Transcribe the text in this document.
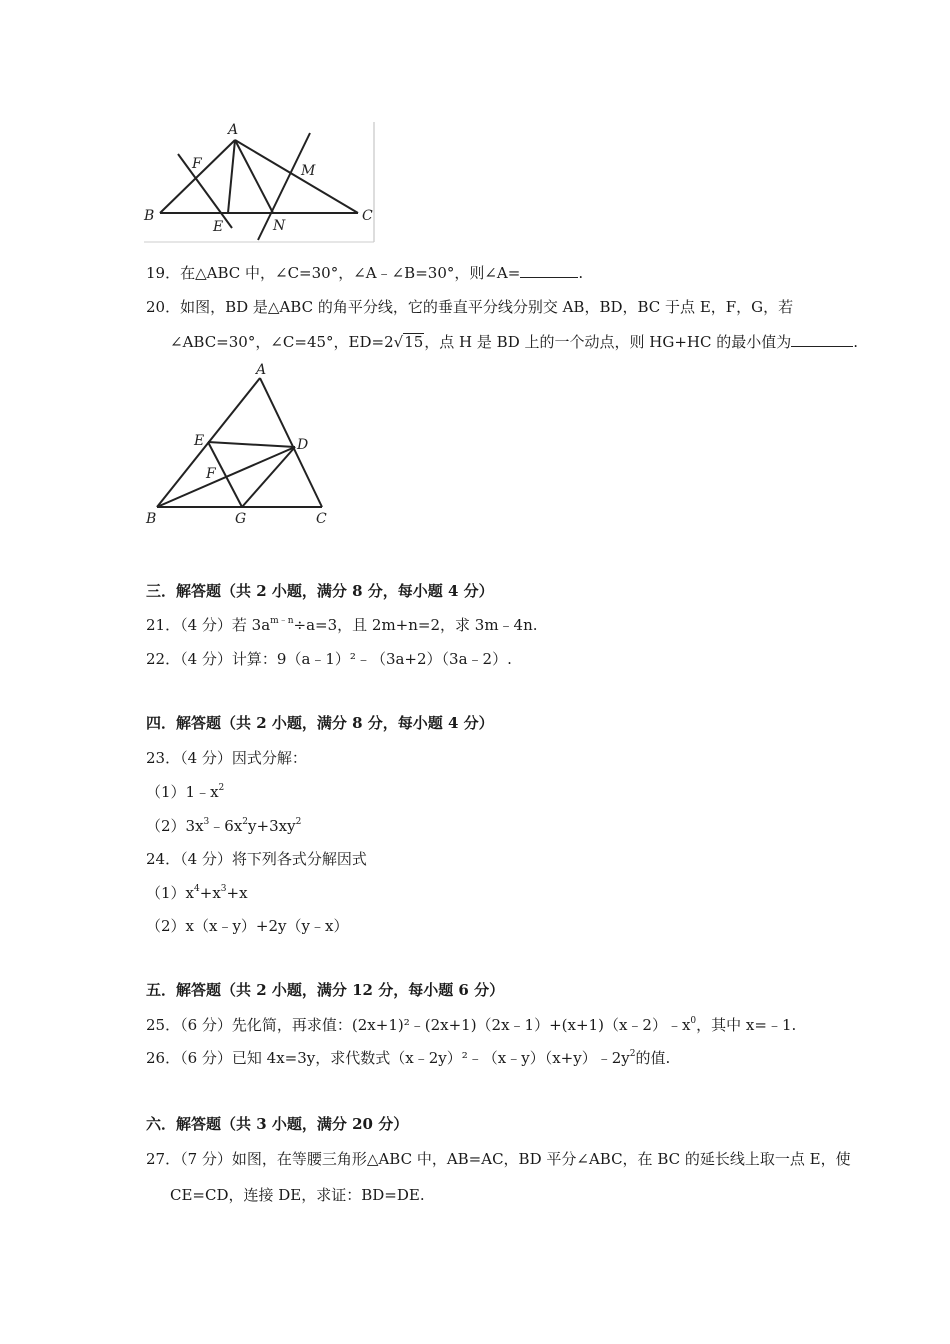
A
F	M
B
E	N
C
19．在△ABC 中，∠C=30°，∠A﹣∠B=30°，则∠A=	.
20．如图，BD 是△ABC 的角平分线，它的垂直平分线分别交 AB，BD，BC 于点 E，F，G，若
∠ABC=30°，∠C=45°，ED=2√15，点 H 是 BD 上的一个动点，则 HG+HC 的最小值为	.
A
E	D
F
B	G	C
三．解答题（共 2 小题，满分 8 分，每小题 4 分）
21．（4 分）若 $3a^{m﹣n}\div a=3$，且 2m+n=2，求 3m﹣4n.
22．（4 分）计算：9（a﹣1）²﹣（3a+2）（3a﹣2）.
四．解答题（共 2 小题，满分 8 分，每小题 4 分）
23．（4 分）因式分解：
$(1)1﹣x^2$
$(2)3x^3﹣6x^2y+3xy^2$
24．（4 分）将下列各式分解因式
$(1)x^4+x^3+x$
（2）x（x﹣y）+2y（y﹣x）
五．解答题（共 2 小题，满分 12 分，每小题 6 分）
25．（6 分）先化简，再求值：$(2x+1)^2﹣(2x+1)(2x﹣1)+(x+1)(x﹣2)﹣x^0$，其中 x=﹣1.
26．（6 分）已知 4x=3y，求代数式$(x﹣2y)^2﹣(x﹣y)(x+y)﹣2y^2$的值.
六．解答题（共 3 小题，满分 20 分）
27．（7 分）如图，在等腰三角形△ABC 中，AB=AC，BD 平分∠ABC，在 BC 的延长线上取一点 E，使
CE=CD，连接 DE，求证：BD=DE.
